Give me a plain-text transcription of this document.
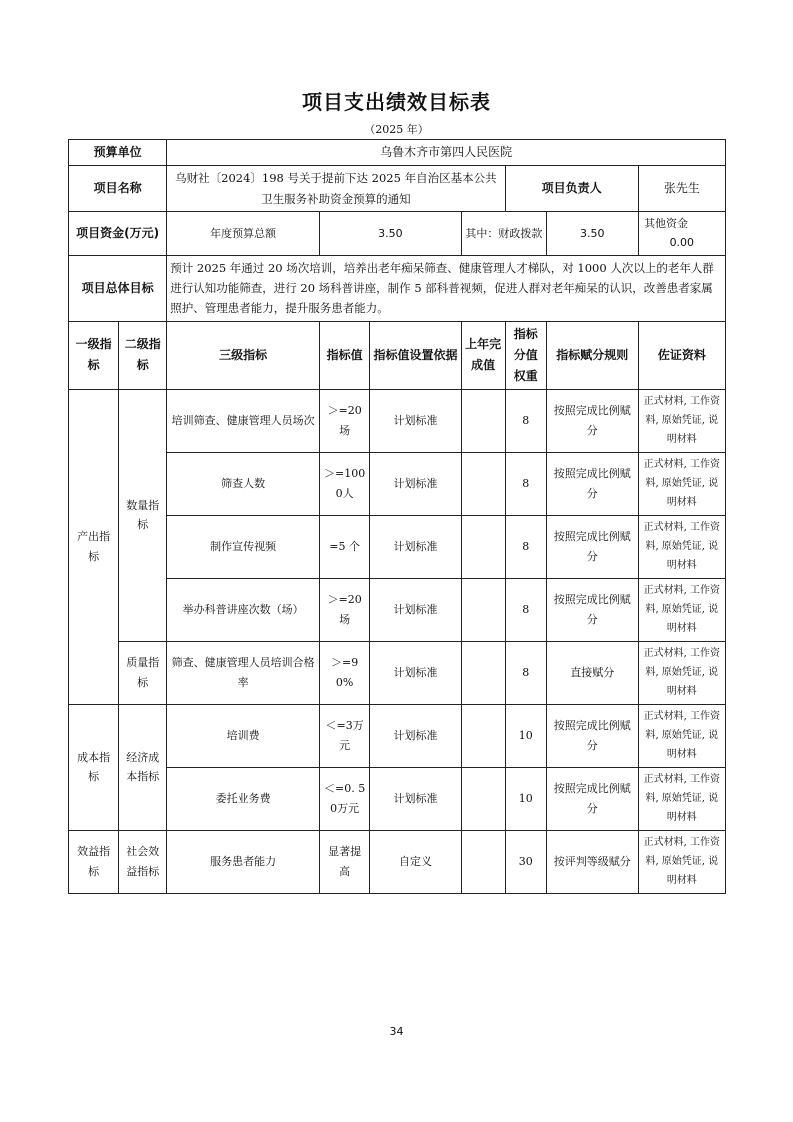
项目支出绩效目标表
（2025 年）
预算单位		乌鲁木齐市第四人民医院						
项目名称		乌财社〔2024〕198 号关于提前下达 2025 年自治区基本公共卫生服务补助资金预算的通知				项目负责人		张先生
项目资金(万元)		年度预算总额	3.50		其中：财政拨款		3.50	其他资金  0.00
项目总体目标		预计 2025 年通过 20 场次培训，培养出老年痴呆筛查、健康管理人才梯队，对 1000 人次以上的老年人群进行认知功能筛查，进行 20 场科普讲座，制作 5 部科普视频，促进人群对老年痴呆的认识，改善患者家属照护、管理患者能力，提升服务患者能力。						
一级指标	二级指标	三级指标	指标值	指标值设置依据	上年完成值	指标分值权重	指标赋分规则	佐证资料
产出指标	数量指标	培训筛查、健康管理人员场次	＞=20场	计划标准		8	按照完成比例赋分	正式材料, 工作资料, 原始凭证, 说明材料
		筛查人数	＞=1000人	计划标准		8	按照完成比例赋分	正式材料, 工作资料, 原始凭证, 说明材料
		制作宣传视频	=5 个	计划标准		8	按照完成比例赋分	正式材料, 工作资料, 原始凭证, 说明材料
		举办科普讲座次数（场）	＞=20场	计划标准		8	按照完成比例赋分	正式材料, 工作资料, 原始凭证, 说明材料
	质量指标	筛查、健康管理人员培训合格率	＞=90%	计划标准		8	直接赋分	正式材料, 工作资料, 原始凭证, 说明材料
成本指标	经济成本指标	培训费	＜=3万元	计划标准		10	按照完成比例赋分	正式材料, 工作资料, 原始凭证, 说明材料
		委托业务费	＜=0. 50万元	计划标准		10	按照完成比例赋分	正式材料, 工作资料, 原始凭证, 说明材料
效益指标	社会效益指标	服务患者能力	显著提高	自定义		30	按评判等级赋分	正式材料, 工作资料, 原始凭证, 说明材料
34
